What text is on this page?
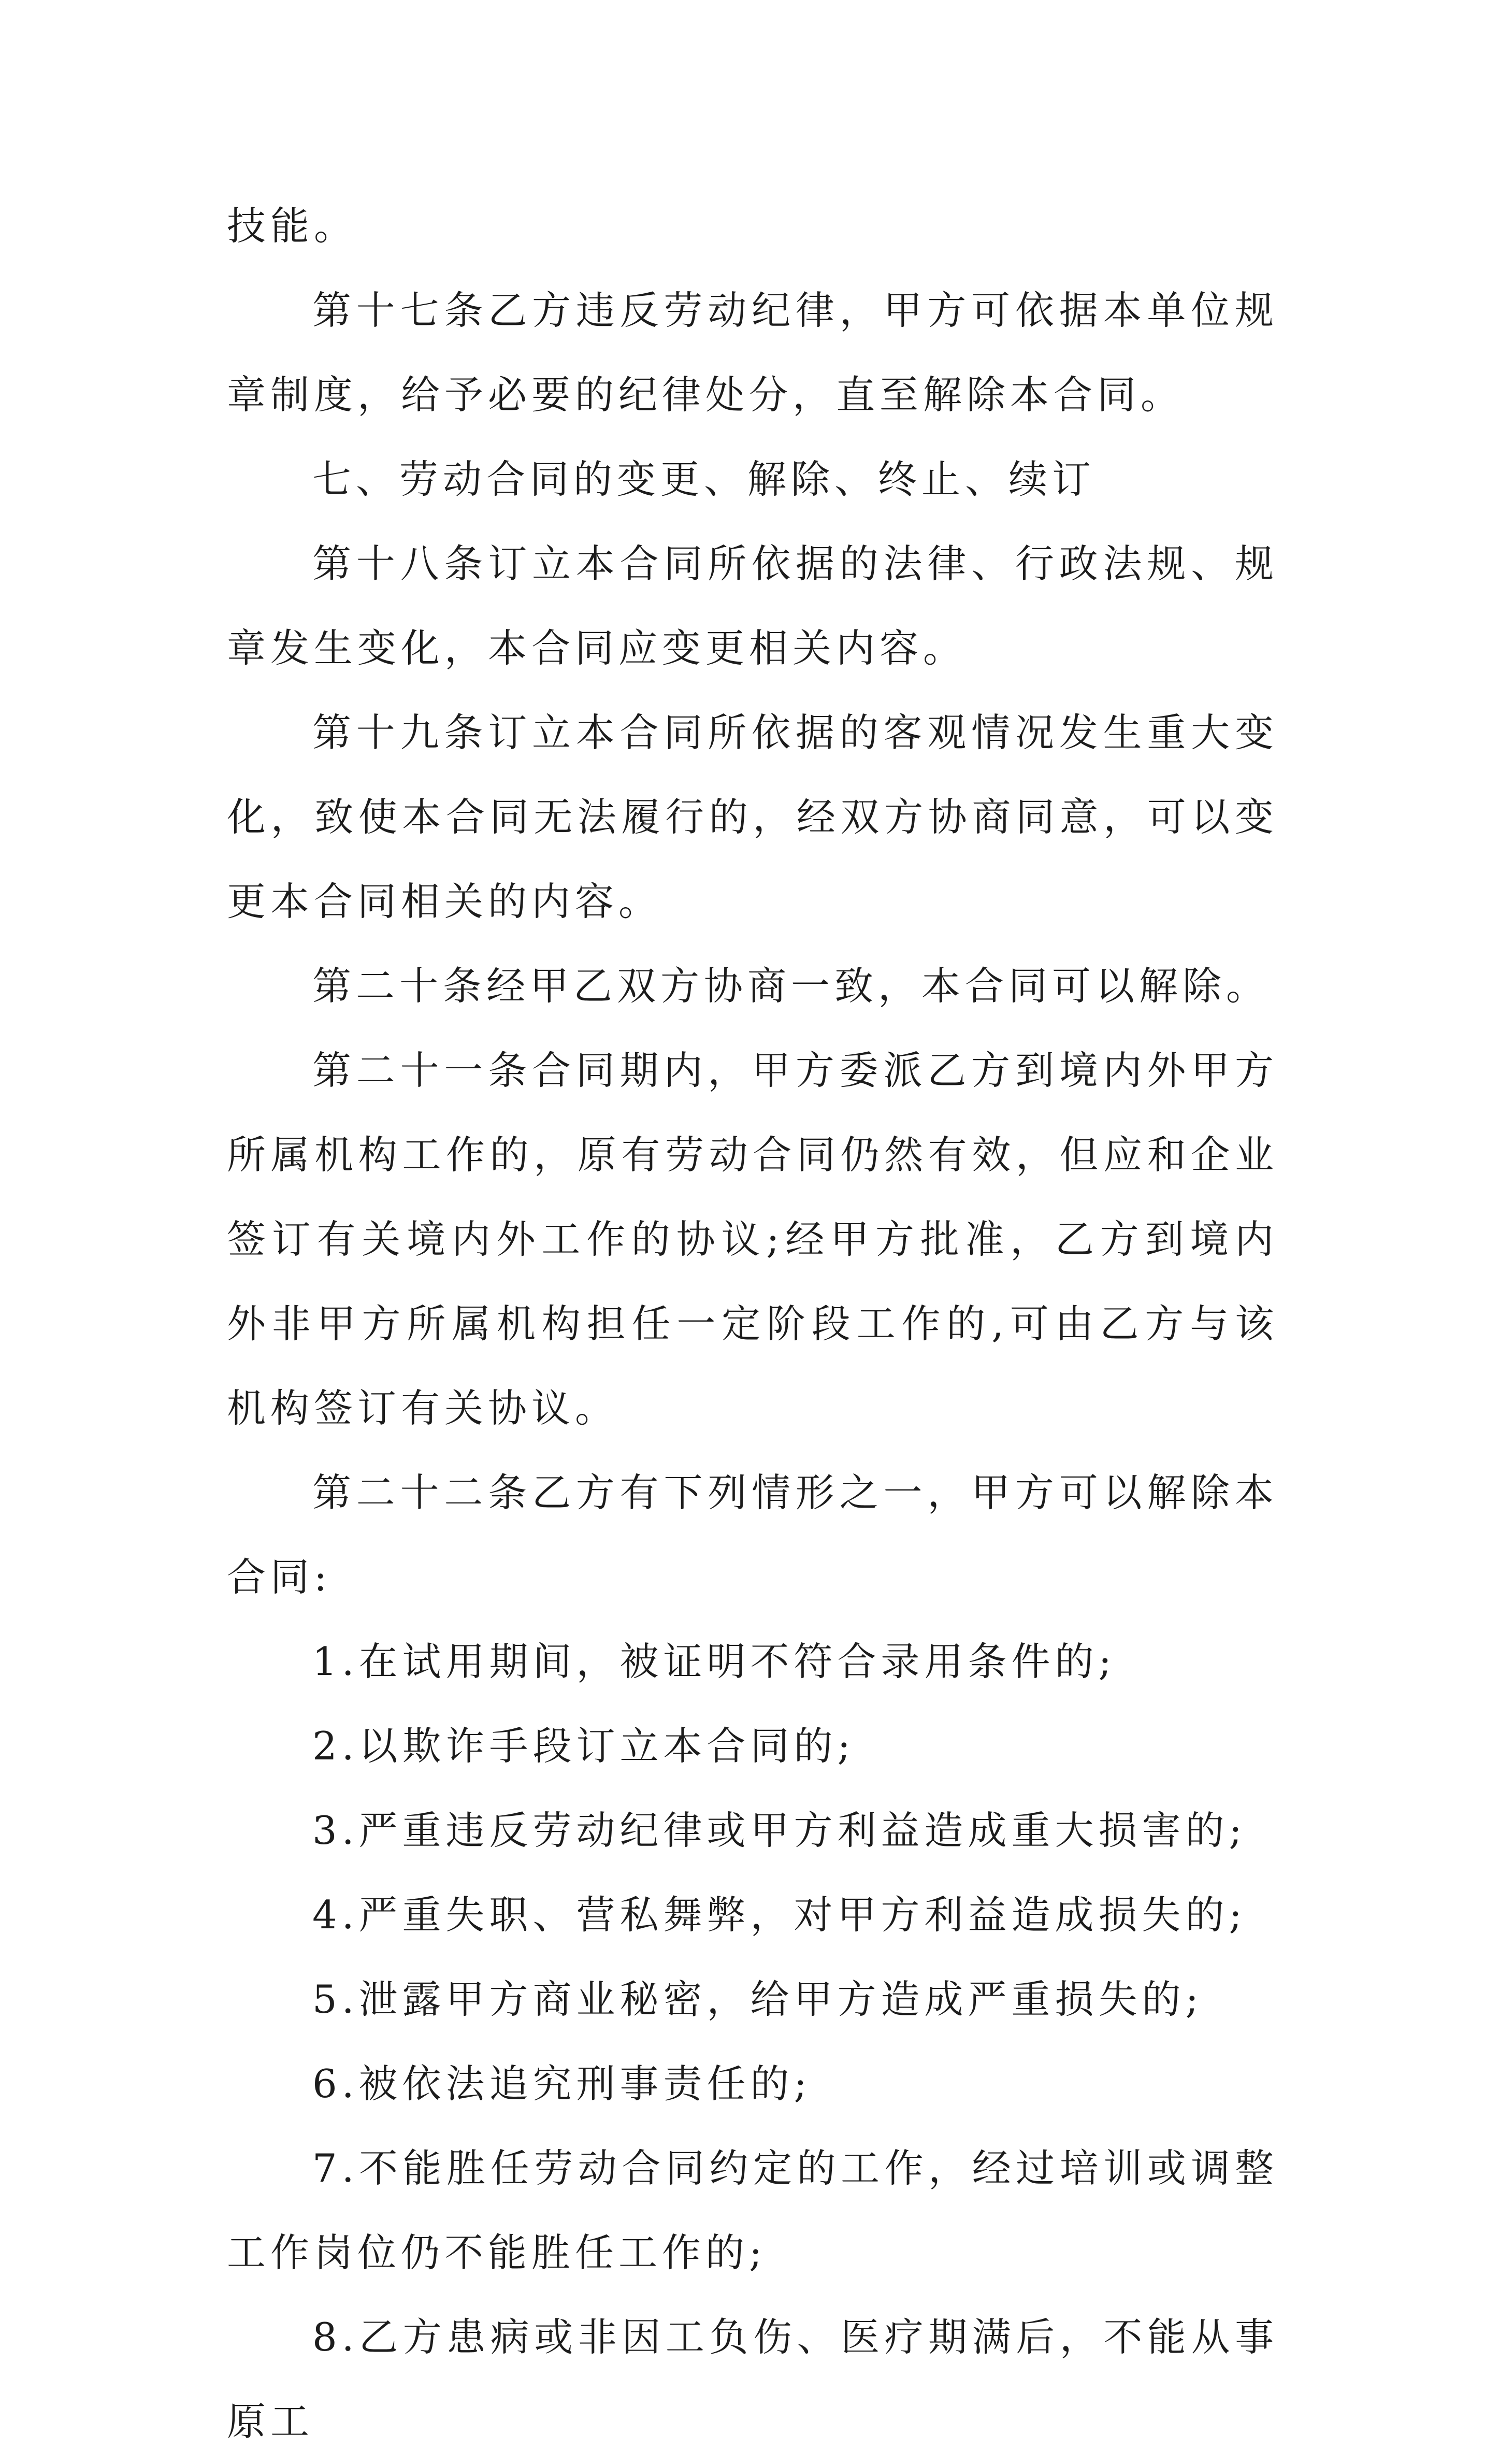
技能。

第十七条乙方违反劳动纪律，甲方可依据本单位规章制度，给予必要的纪律处分，直至解除本合同。

七、劳动合同的变更、解除、终止、续订

第十八条订立本合同所依据的法律、行政法规、规章发生变化，本合同应变更相关内容。

第十九条订立本合同所依据的客观情况发生重大变化，致使本合同无法履行的，经双方协商同意，可以变更本合同相关的内容。

第二十条经甲乙双方协商一致，本合同可以解除。

第二十一条合同期内，甲方委派乙方到境内外甲方所属机构工作的，原有劳动合同仍然有效，但应和企业签订有关境内外工作的协议;经甲方批准，乙方到境内外非甲方所属机构担任一定阶段工作的,可由乙方与该机构签订有关协议。

第二十二条乙方有下列情形之一，甲方可以解除本合同:

1.在试用期间，被证明不符合录用条件的;

2.以欺诈手段订立本合同的;

3.严重违反劳动纪律或甲方利益造成重大损害的;

4.严重失职、营私舞弊，对甲方利益造成损失的;

5.泄露甲方商业秘密，给甲方造成严重损失的;

6.被依法追究刑事责任的;

7.不能胜任劳动合同约定的工作，经过培训或调整工作岗位仍不能胜任工作的;

8.乙方患病或非因工负伤、医疗期满后，不能从事原工
